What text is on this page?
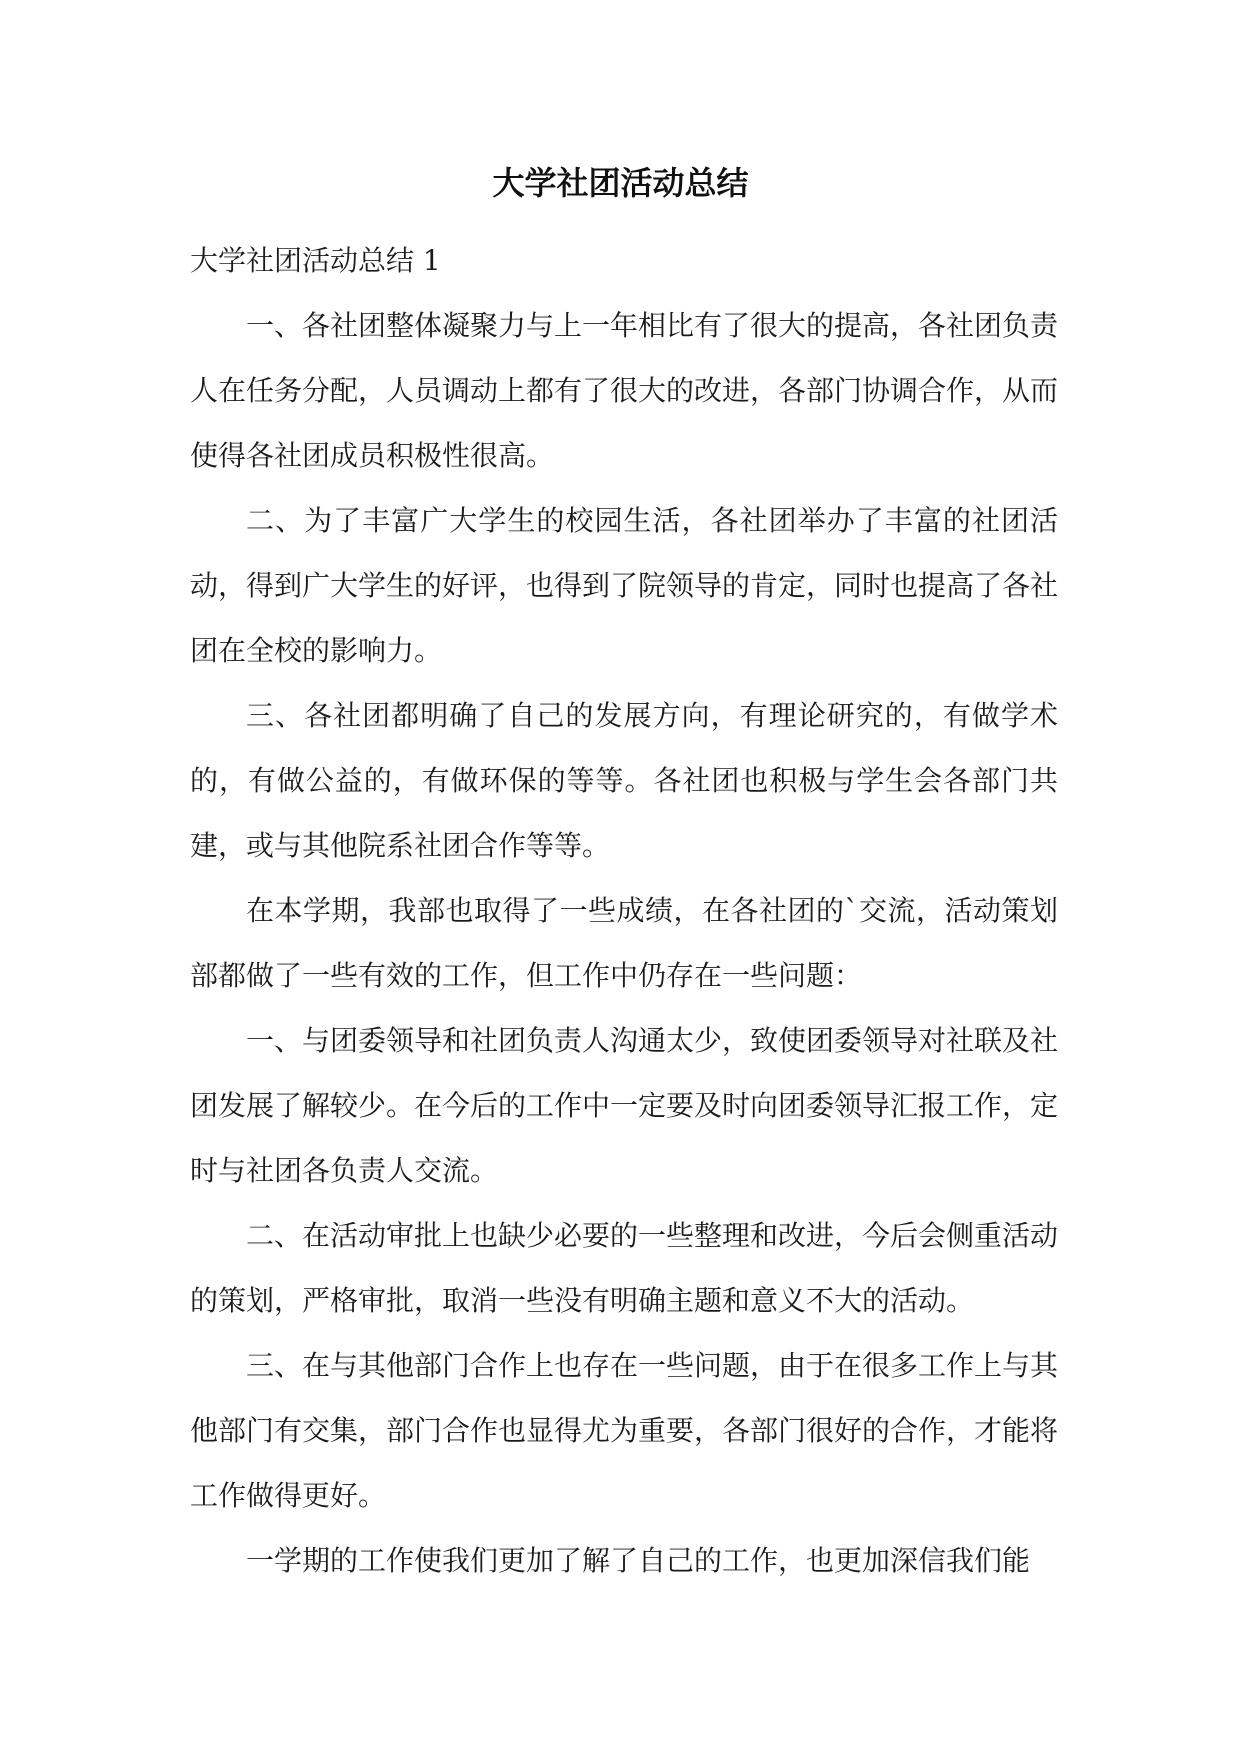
大学社团活动总结

大学社团活动总结 1

一、各社团整体凝聚力与上一年相比有了很大的提高，各社团负责人在任务分配，人员调动上都有了很大的改进，各部门协调合作，从而使得各社团成员积极性很高。

二、为了丰富广大学生的校园生活，各社团举办了丰富的社团活动，得到广大学生的好评，也得到了院领导的肯定，同时也提高了各社团在全校的影响力。

三、各社团都明确了自己的发展方向，有理论研究的，有做学术的，有做公益的，有做环保的等等。各社团也积极与学生会各部门共建，或与其他院系社团合作等等。

在本学期，我部也取得了一些成绩，在各社团的`交流，活动策划部都做了一些有效的工作，但工作中仍存在一些问题：

一、与团委领导和社团负责人沟通太少，致使团委领导对社联及社团发展了解较少。在今后的工作中一定要及时向团委领导汇报工作，定时与社团各负责人交流。

二、在活动审批上也缺少必要的一些整理和改进，今后会侧重活动的策划，严格审批，取消一些没有明确主题和意义不大的活动。

三、在与其他部门合作上也存在一些问题，由于在很多工作上与其他部门有交集，部门合作也显得尤为重要，各部门很好的合作，才能将工作做得更好。

一学期的工作使我们更加了解了自己的工作，也更加深信我们能
